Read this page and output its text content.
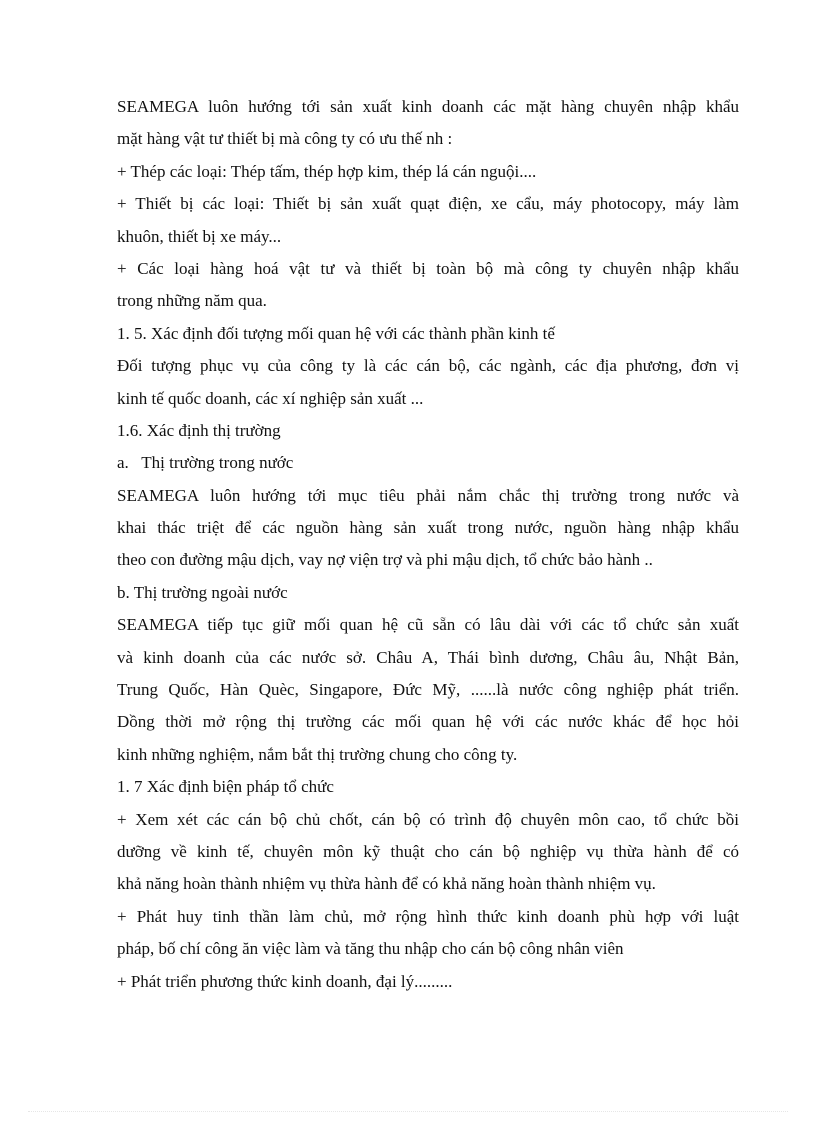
SEAMEGA luôn hướng tới sản xuất kinh doanh các mặt hàng chuyên nhập khẩu
mặt hàng vật tư thiết bị mà công ty có ưu thế nh :
+ Thép các loại: Thép tấm, thép hợp kim, thép lá cán nguội....
+ Thiết bị các loại: Thiết bị sản xuất quạt điện, xe cẩu, máy photocopy, máy làm
khuôn, thiết bị xe máy...
+ Các loại hàng hoá vật tư và thiết bị toàn bộ mà công ty chuyên nhập khẩu
trong những năm qua.
1. 5. Xác định đối tượng mối quan hệ với các thành phần kinh tế
Đối tượng phục vụ của công ty là các cán bộ, các ngành, các địa phương, đơn vị
kinh tế quốc doanh, các xí nghiệp sản xuất ...
1.6. Xác định thị trường
a.   Thị trường trong nước
SEAMEGA luôn hướng tới mục tiêu phải nắm chắc thị trường trong nước và
khai thác triệt để các nguồn hàng sản xuất trong nước, nguồn hàng nhập khẩu
theo con đường mậu dịch, vay nợ viện trợ và phi mậu dịch, tổ chức bảo hành ..
b. Thị trường ngoài nước
SEAMEGA tiếp tục giữ mối quan hệ cũ sẵn có lâu dài với các tổ chức sản xuất
và kinh doanh của các nước sở. Châu A, Thái bình dương, Châu âu, Nhật Bản,
Trung Quốc, Hàn Quèc, Singapore, Đức Mỹ, ......là nước công nghiệp phát triển.
Dồng thời mở rộng thị trường các mối quan hệ với các nước khác để học hỏi
kinh những nghiệm, nắm bắt thị trường chung cho công ty.
1. 7 Xác định biện pháp tổ chức
+ Xem xét các cán bộ chủ chốt, cán bộ có trình độ chuyên môn cao, tổ chức bồi
dưỡng về kinh tế, chuyên môn kỹ thuật cho cán bộ nghiệp vụ thừa hành để có
khả năng hoàn thành nhiệm vụ thừa hành để có khả năng hoàn thành nhiệm vụ.
+ Phát huy tinh thần làm chủ, mở rộng hình thức kinh doanh phù hợp với luật
pháp, bố chí công ăn việc làm và tăng thu nhập cho cán bộ công nhân viên
+ Phát triển phương thức kinh doanh, đại lý.........
